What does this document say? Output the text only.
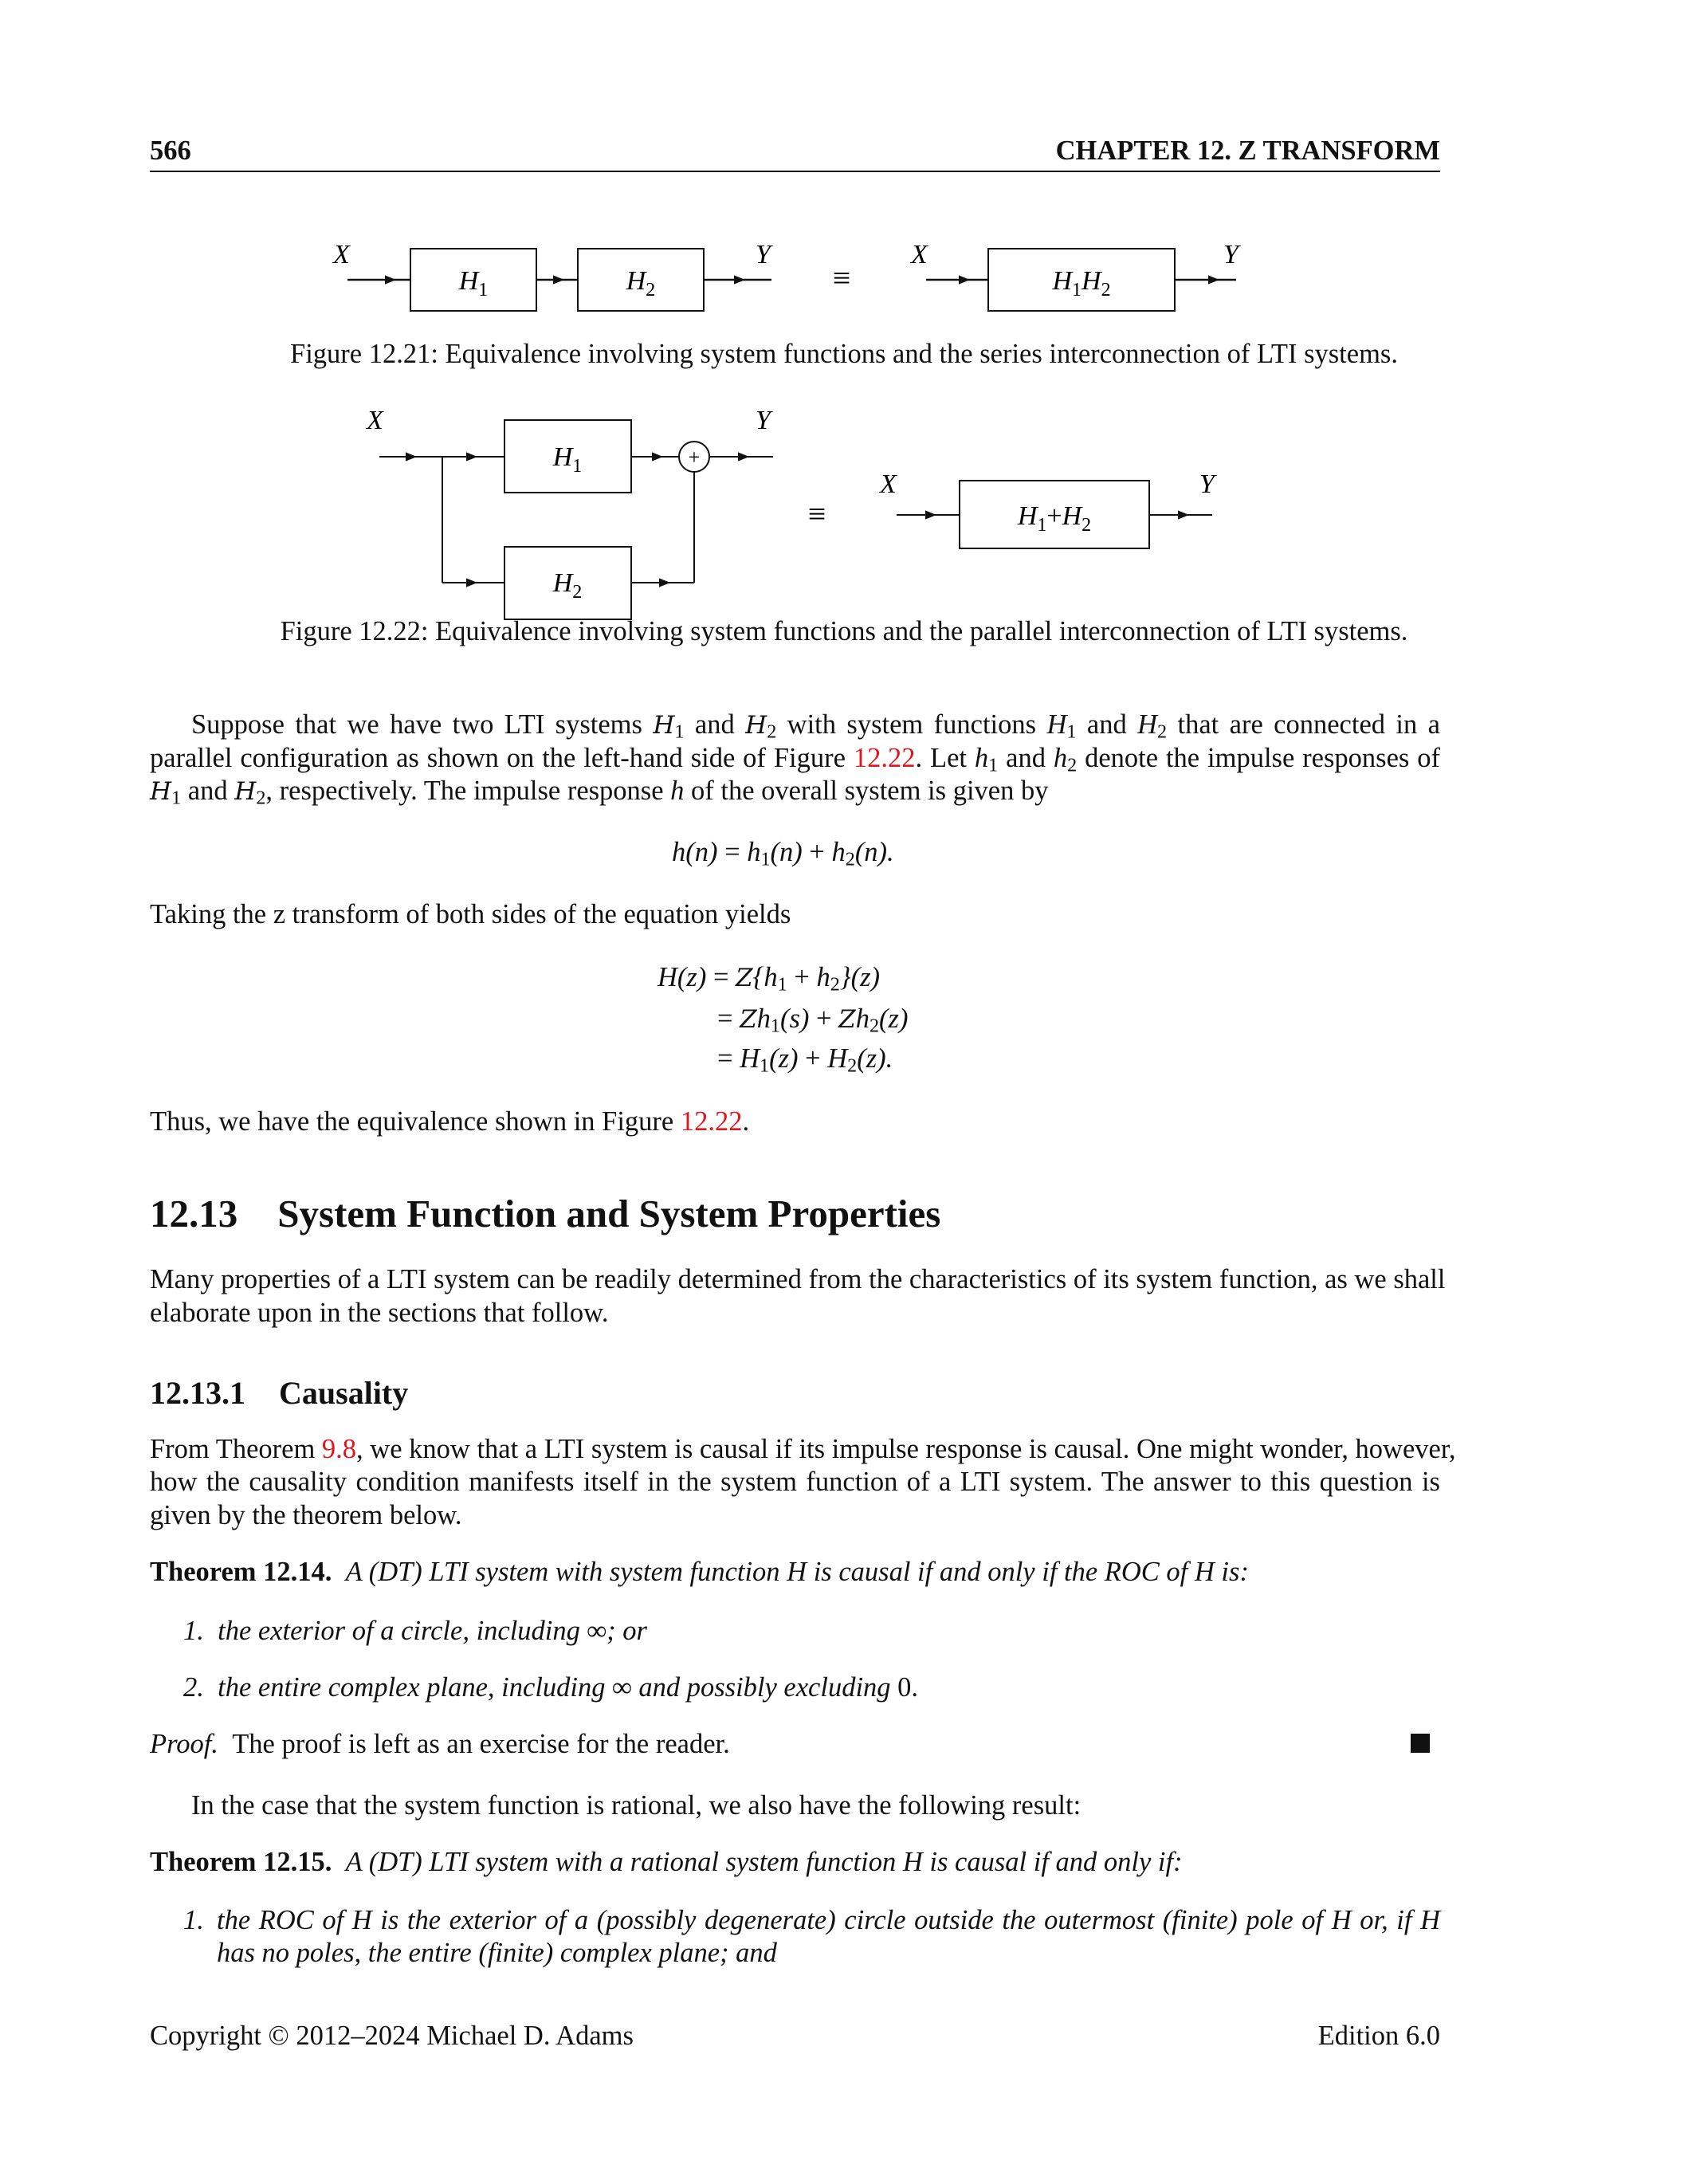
566	CHAPTER 12. Z TRANSFORM
X
$H_1$	$H_2$
Y
≡
X
$H_1H_2$
Y
Figure 12.21: Equivalence involving system functions and the series interconnection of LTI systems.
X
$H_1$
$H_2$
+
Y
≡
X
$H_1+H_2$
Y
Figure 12.22: Equivalence involving system functions and the parallel interconnection of LTI systems.
Suppose that we have two LTI systems $H_1$ and $H_2$ with system functions $H_1$ and $H_2$ that are connected in a
parallel configuration as shown on the left-hand side of Figure 12.22. Let $h_1$ and $h_2$ denote the impulse responses of
$H_1$ and $H_2$, respectively. The impulse response h of the overall system is given by
$h(n) = h_1(n) + h_2(n)$.
Taking the z transform of both sides of the equation yields
$H(z) = Z\{h_1 + h_2\}(z)$
= $Zh_1(s) + Zh_2(z)$
= $H_1(z) + H_2(z)$.
Thus, we have the equivalence shown in Figure 12.22.
12.13 System Function and System Properties
Many properties of a LTI system can be readily determined from the characteristics of its system function, as we shall
elaborate upon in the sections that follow.
12.13.1 Causality
From Theorem 9.8, we know that a LTI system is causal if its impulse response is causal. One might wonder, however,
how the causality condition manifests itself in the system function of a LTI system. The answer to this question is
given by the theorem below.
Theorem 12.14. A (DT) LTI system with system function H is causal if and only if the ROC of H is:
1. the exterior of a circle, including ∞; or
2. the entire complex plane, including ∞ and possibly excluding 0.
Proof. The proof is left as an exercise for the reader.
In the case that the system function is rational, we also have the following result:
Theorem 12.15. A (DT) LTI system with a rational system function H is causal if and only if:
1. the ROC of H is the exterior of a (possibly degenerate) circle outside the outermost (finite) pole of H or, if H
has no poles, the entire (finite) complex plane; and
Copyright © 2012–2024 Michael D. Adams	Edition 6.0
